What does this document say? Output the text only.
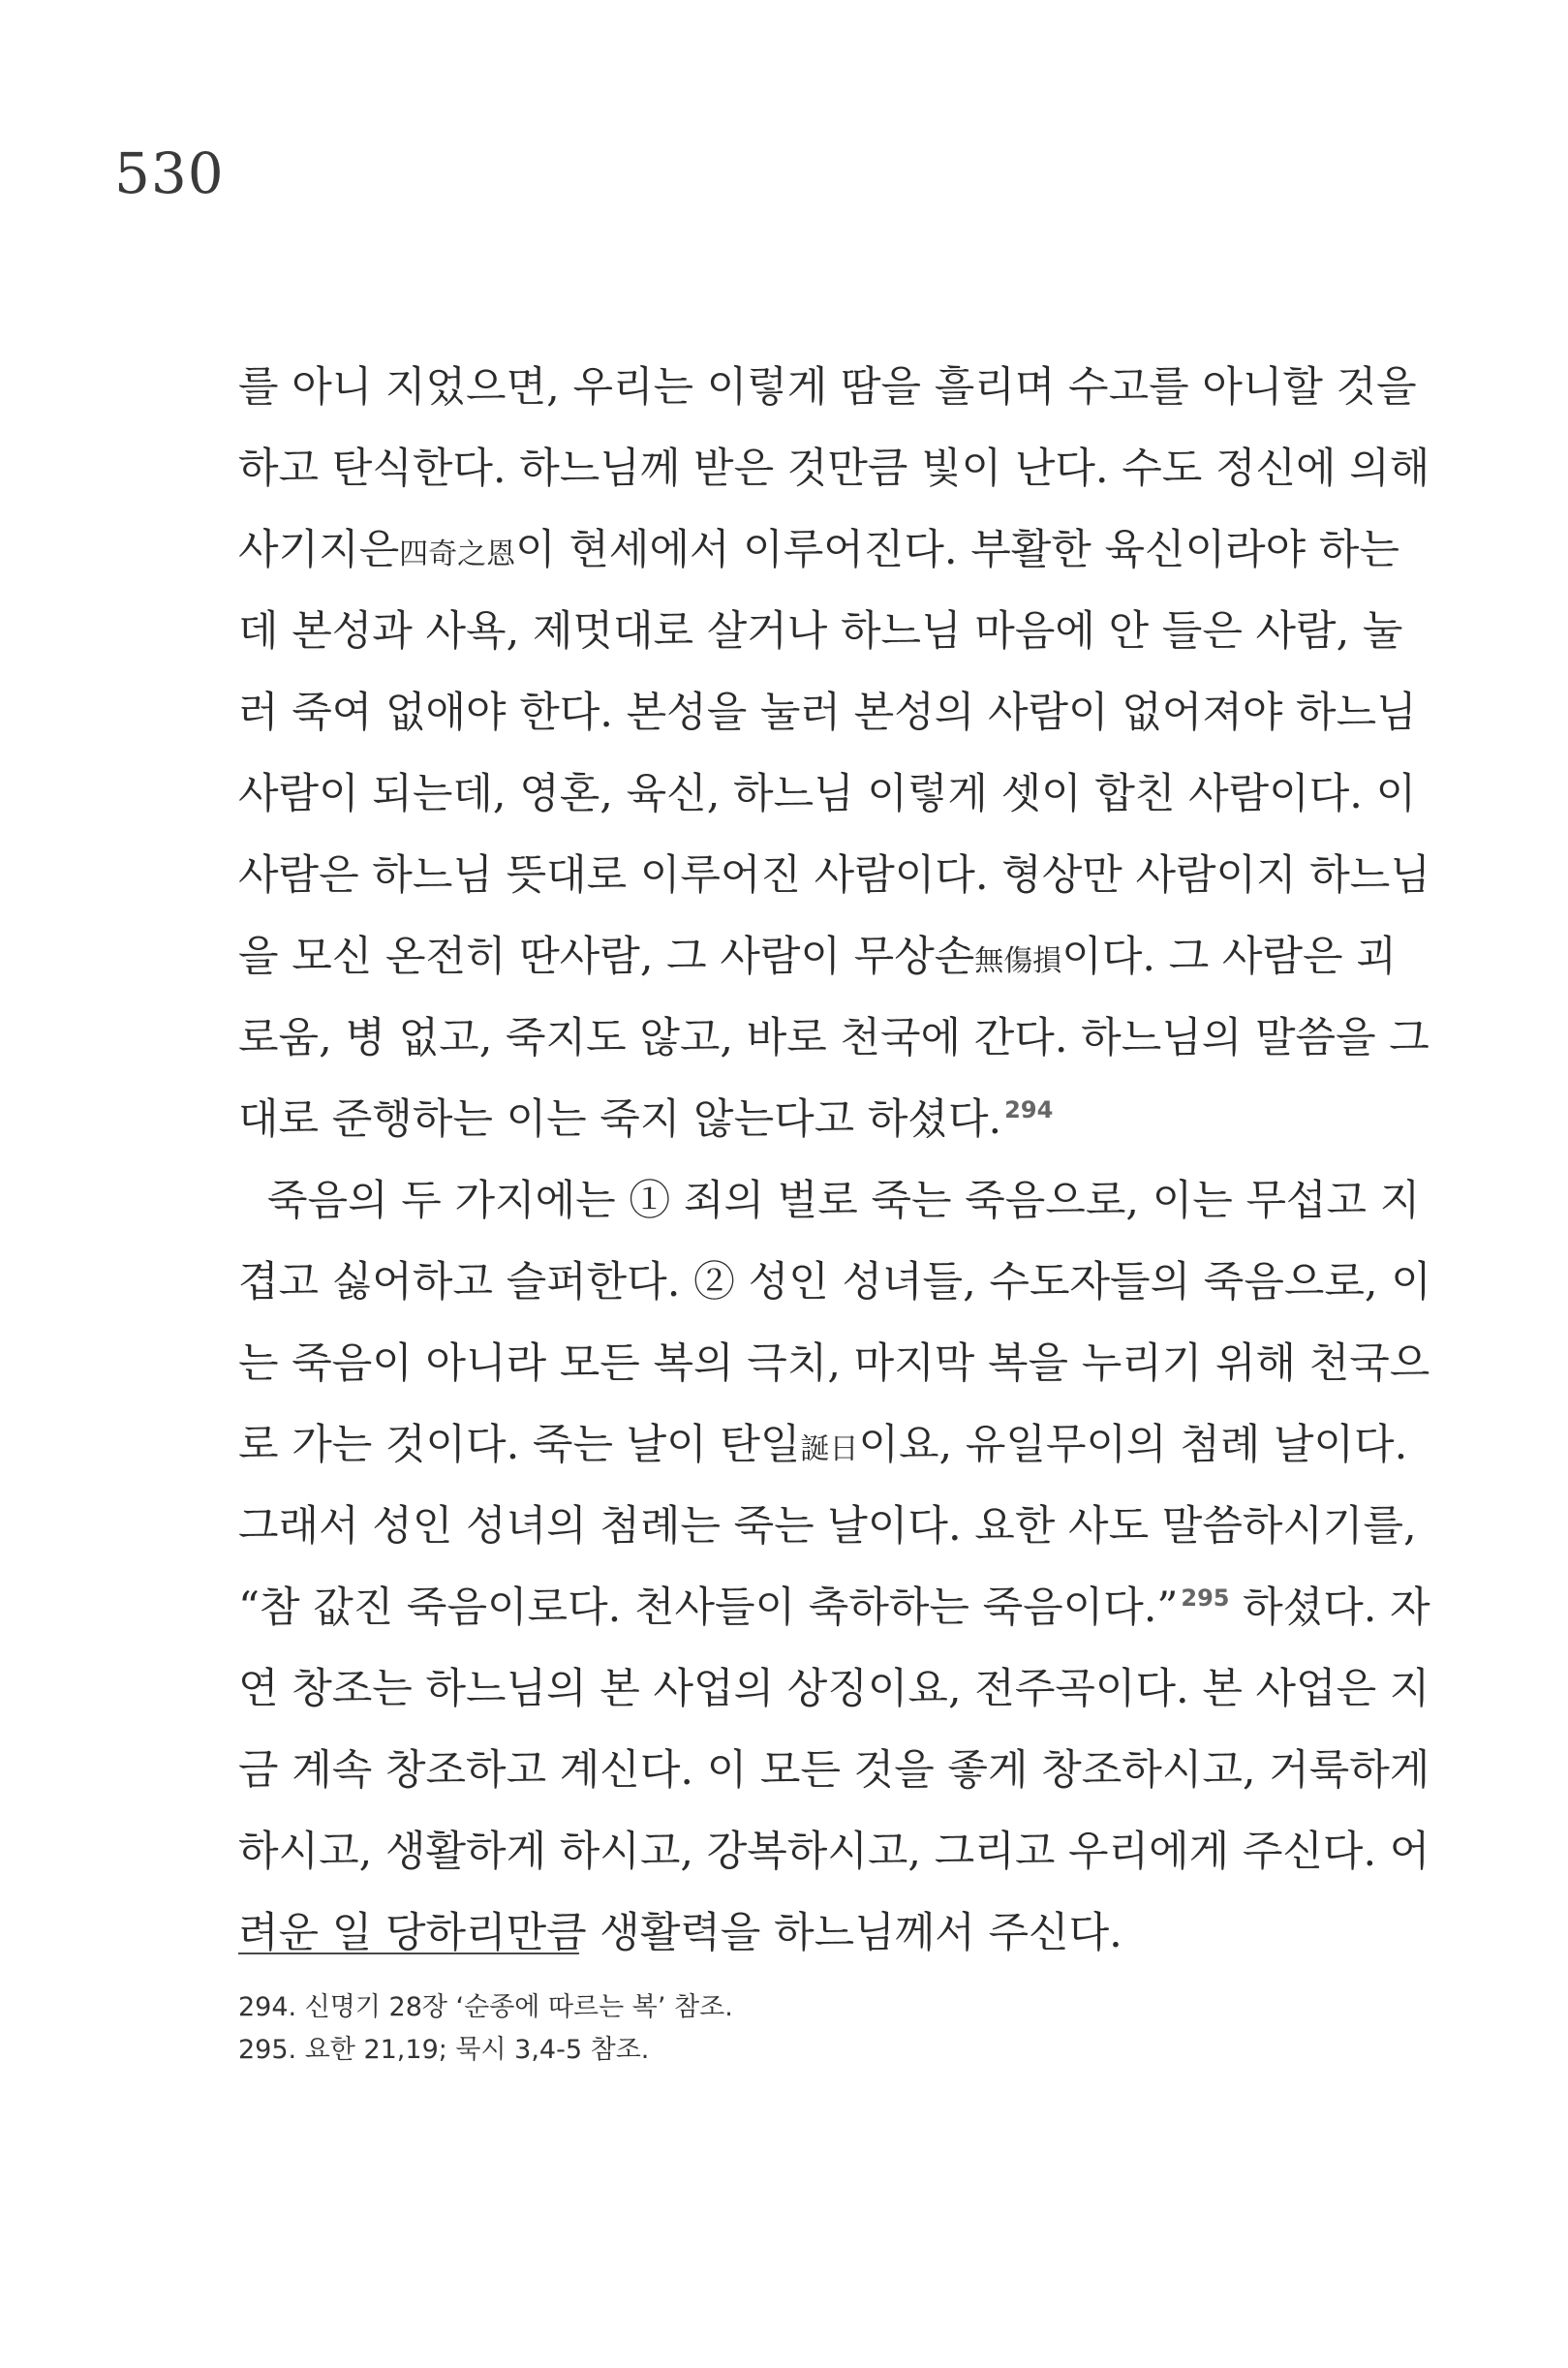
530
를 아니 지었으면, 우리는 이렇게 땀을 흘리며 수고를 아니할 것을
하고 탄식한다. 하느님께 받은 것만큼 빛이 난다. 수도 정신에 의해
사기지은四奇之恩이 현세에서 이루어진다. 부활한 육신이라야 하는
데 본성과 사욕, 제멋대로 살거나 하느님 마음에 안 들은 사람, 눌
러 죽여 없애야 한다. 본성을 눌러 본성의 사람이 없어져야 하느님
사람이 되는데, 영혼, 육신, 하느님 이렇게 셋이 합친 사람이다. 이
사람은 하느님 뜻대로 이루어진 사람이다. 형상만 사람이지 하느님
을 모신 온전히 딴사람, 그 사람이 무상손無傷損이다. 그 사람은 괴
로움, 병 없고, 죽지도 않고, 바로 천국에 간다. 하느님의 말씀을 그
대로 준행하는 이는 죽지 않는다고 하셨다. $^{294}$
죽음의 두 가지에는 ① 죄의 벌로 죽는 죽음으로, 이는 무섭고 지
겹고 싫어하고 슬퍼한다. ② 성인 성녀들, 수도자들의 죽음으로, 이
는 죽음이 아니라 모든 복의 극치, 마지막 복을 누리기 위해 천국으
로 가는 것이다. 죽는 날이 탄일誕日이요, 유일무이의 첨례 날이다.
그래서 성인 성녀의 첨례는 죽는 날이다. 요한 사도 말씀하시기를,
“참 값진 죽음이로다. 천사들이 축하하는 죽음이다.” $^{295}$ 하셨다. 자
연 창조는 하느님의 본 사업의 상징이요, 전주곡이다. 본 사업은 지
금 계속 창조하고 계신다. 이 모든 것을 좋게 창조하시고, 거룩하게
하시고, 생활하게 하시고, 강복하시고, 그리고 우리에게 주신다. 어
려운 일 당하리만큼 생활력을 하느님께서 주신다.
294. 신명기 28장 ‘순종에 따르는 복’ 참조.
295. 요한 21,19; 묵시 3,4-5 참조.
